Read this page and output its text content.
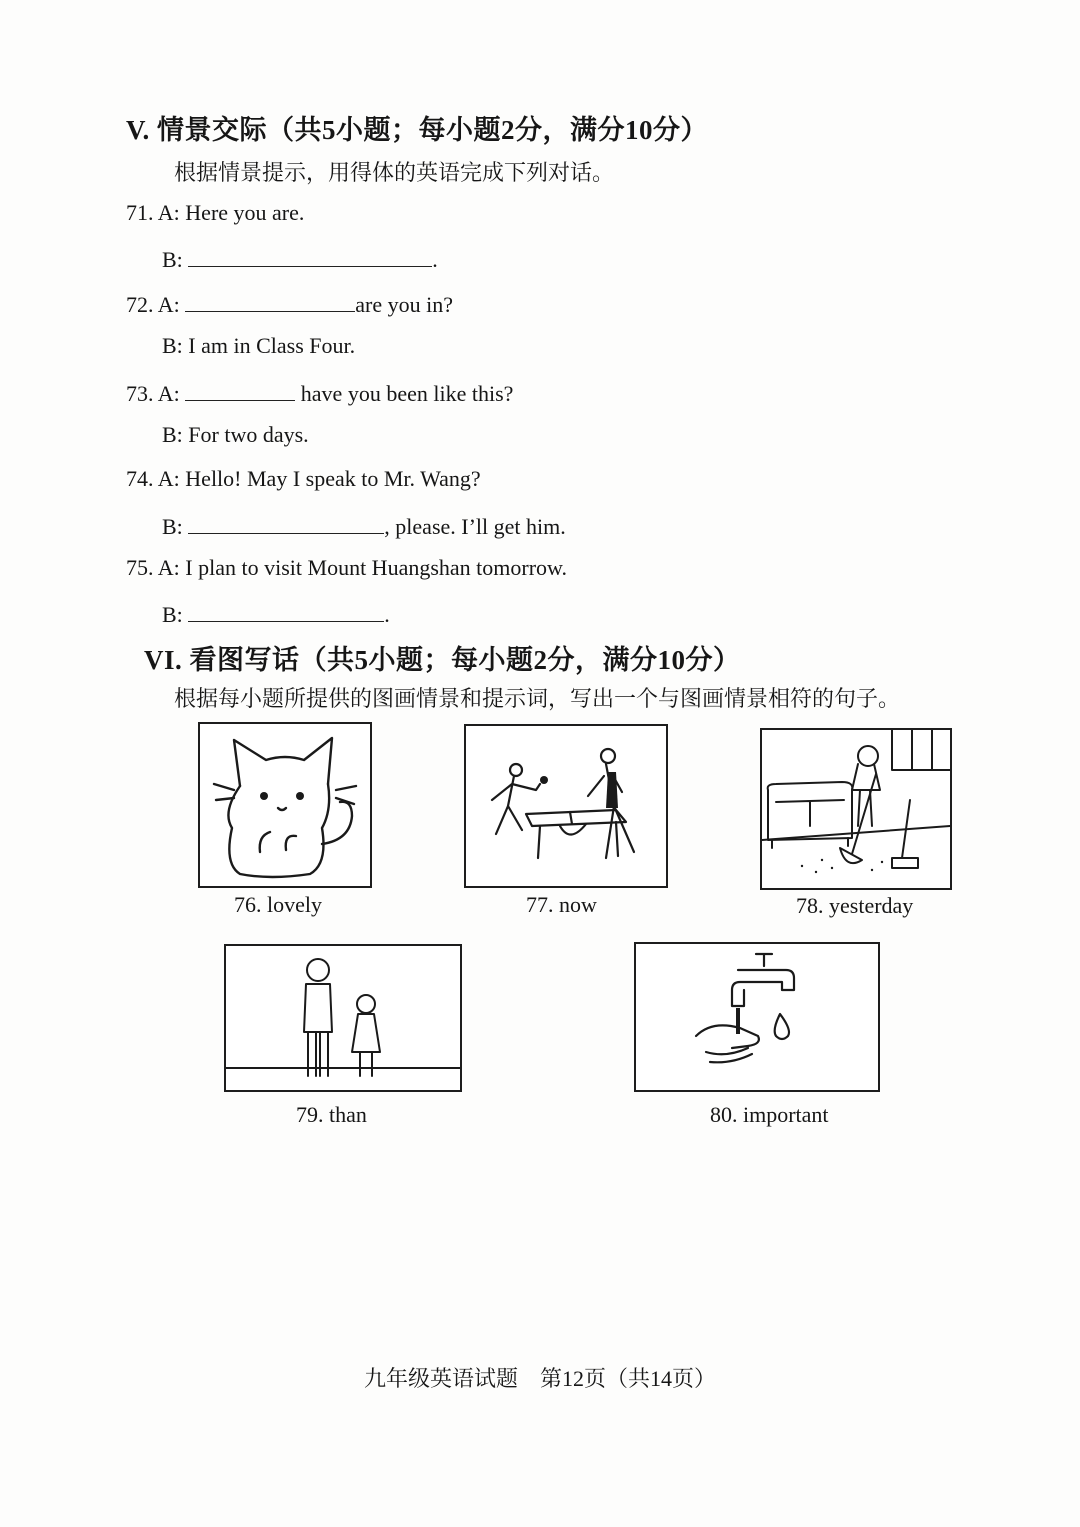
V. 情景交际（共5小题；每小题2分，满分10分）
根据情景提示，用得体的英语完成下列对话。
71. A: Here you are.
B:	.
72. A:	are you in?
B: I am in Class Four.
73. A:	have you been like this?
B: For two days.
74. A: Hello! May I speak to Mr. Wang?
B:	, please. I’ll get him.
75. A: I plan to visit Mount Huangshan tomorrow.
B:	.
VI. 看图写话（共5小题；每小题2分，满分10分）
根据每小题所提供的图画情景和提示词，写出一个与图画情景相符的句子。
76. lovely	77. now	78. yesterday
79. than	80. important
九年级英语试题　第12页（共14页）
